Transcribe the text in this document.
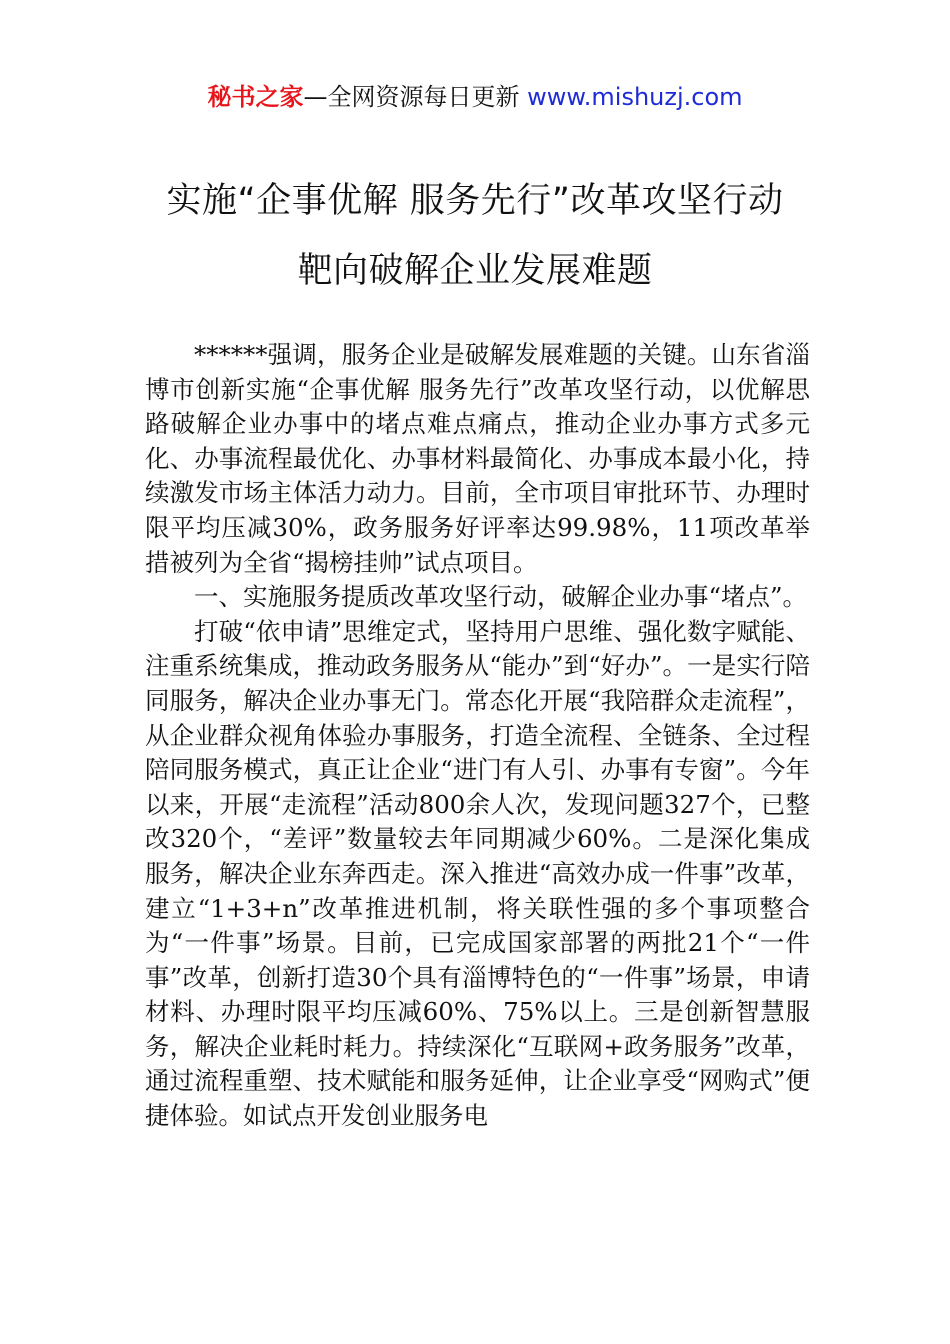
秘书之家—全网资源每日更新 www.mishuzj.com
实施“企事优解 服务先行”改革攻坚行动
靶向破解企业发展难题

******强调，服务企业是破解发展难题的关键。山东省淄博市创新实施“企事优解 服务先行”改革攻坚行动，以优解思路破解企业办事中的堵点难点痛点，推动企业办事方式多元化、办事流程最优化、办事材料最简化、办事成本最小化，持续激发市场主体活力动力。目前，全市项目审批环节、办理时限平均压减30%，政务服务好评率达99.98%，11项改革举措被列为全省“揭榜挂帅”试点项目。

一、实施服务提质改革攻坚行动，破解企业办事“堵点”。

打破“依申请”思维定式，坚持用户思维、强化数字赋能、注重系统集成，推动政务服务从“能办”到“好办”。一是实行陪同服务，解决企业办事无门。常态化开展“我陪群众走流程”，从企业群众视角体验办事服务，打造全流程、全链条、全过程陪同服务模式，真正让企业“进门有人引、办事有专窗”。今年以来，开展“走流程”活动800余人次，发现问题327个，已整改320个，“差评”数量较去年同期减少60%。二是深化集成服务，解决企业东奔西走。深入推进“高效办成一件事”改革，建立“1+3+n”改革推进机制，将关联性强的多个事项整合为“一件事”场景。目前，已完成国家部署的两批21个“一件事”改革，创新打造30个具有淄博特色的“一件事”场景，申请材料、办理时限平均压减60%、75%以上。三是创新智慧服务，解决企业耗时耗力。持续深化“互联网+政务服务”改革，通过流程重塑、技术赋能和服务延伸，让企业享受“网购式”便捷体验。如试点开发创业服务电
